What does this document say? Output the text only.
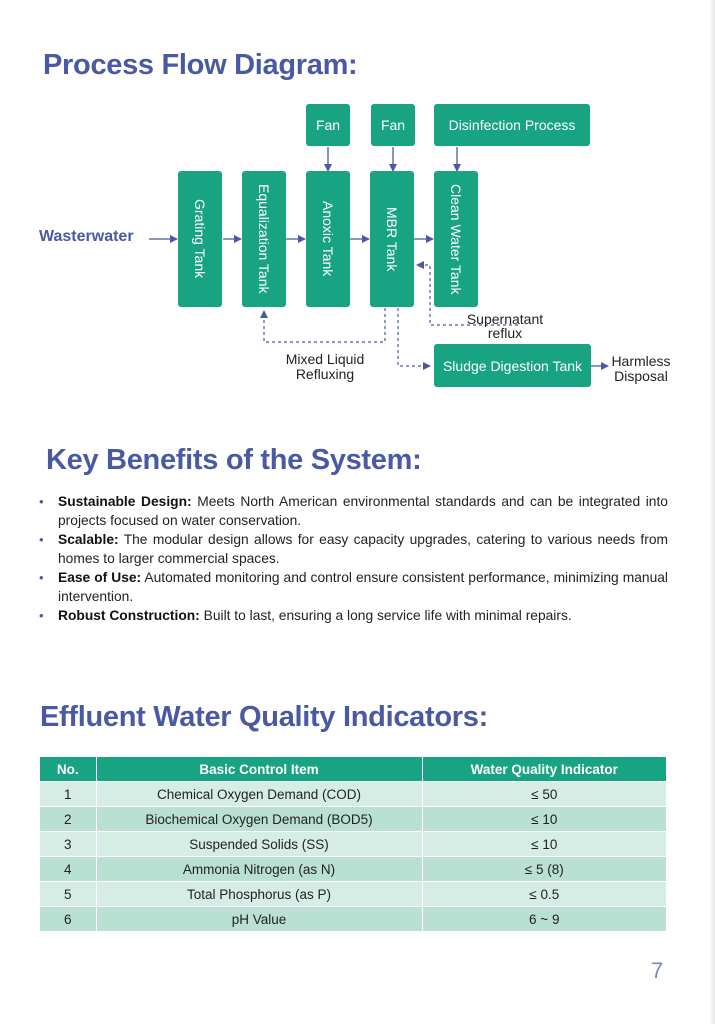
Process Flow Diagram:
Wasterwater	Grating Tank	Equalization Tank	Anoxic Tank	MBR Tank	Clean Water Tank
Fan	Fan	Disinfection Process
Sludge Digestion Tank
Supernatant
reflux
Mixed Liquid
Refluxing
Harmless
Disposal
Key Benefits of the System:
• Sustainable Design: Meets North American environmental standards and can be integrated into projects focused on water conservation.
• Scalable: The modular design allows for easy capacity upgrades, catering to various needs from homes to larger commercial spaces.
• Ease of Use: Automated monitoring and control ensure consistent performance, minimizing manual intervention.
• Robust Construction: Built to last, ensuring a long service life with minimal repairs.
Effluent Water Quality Indicators:
No.	Basic Control Item	Water Quality Indicator
1	Chemical Oxygen Demand (COD)	≤ 50
2	Biochemical Oxygen Demand (BOD5)	≤ 10
3	Suspended Solids (SS)	≤ 10
4	Ammonia Nitrogen (as N)	≤ 5 (8)
5	Total Phosphorus (as P)	≤ 0.5
6	pH Value	6 ~ 9
7
